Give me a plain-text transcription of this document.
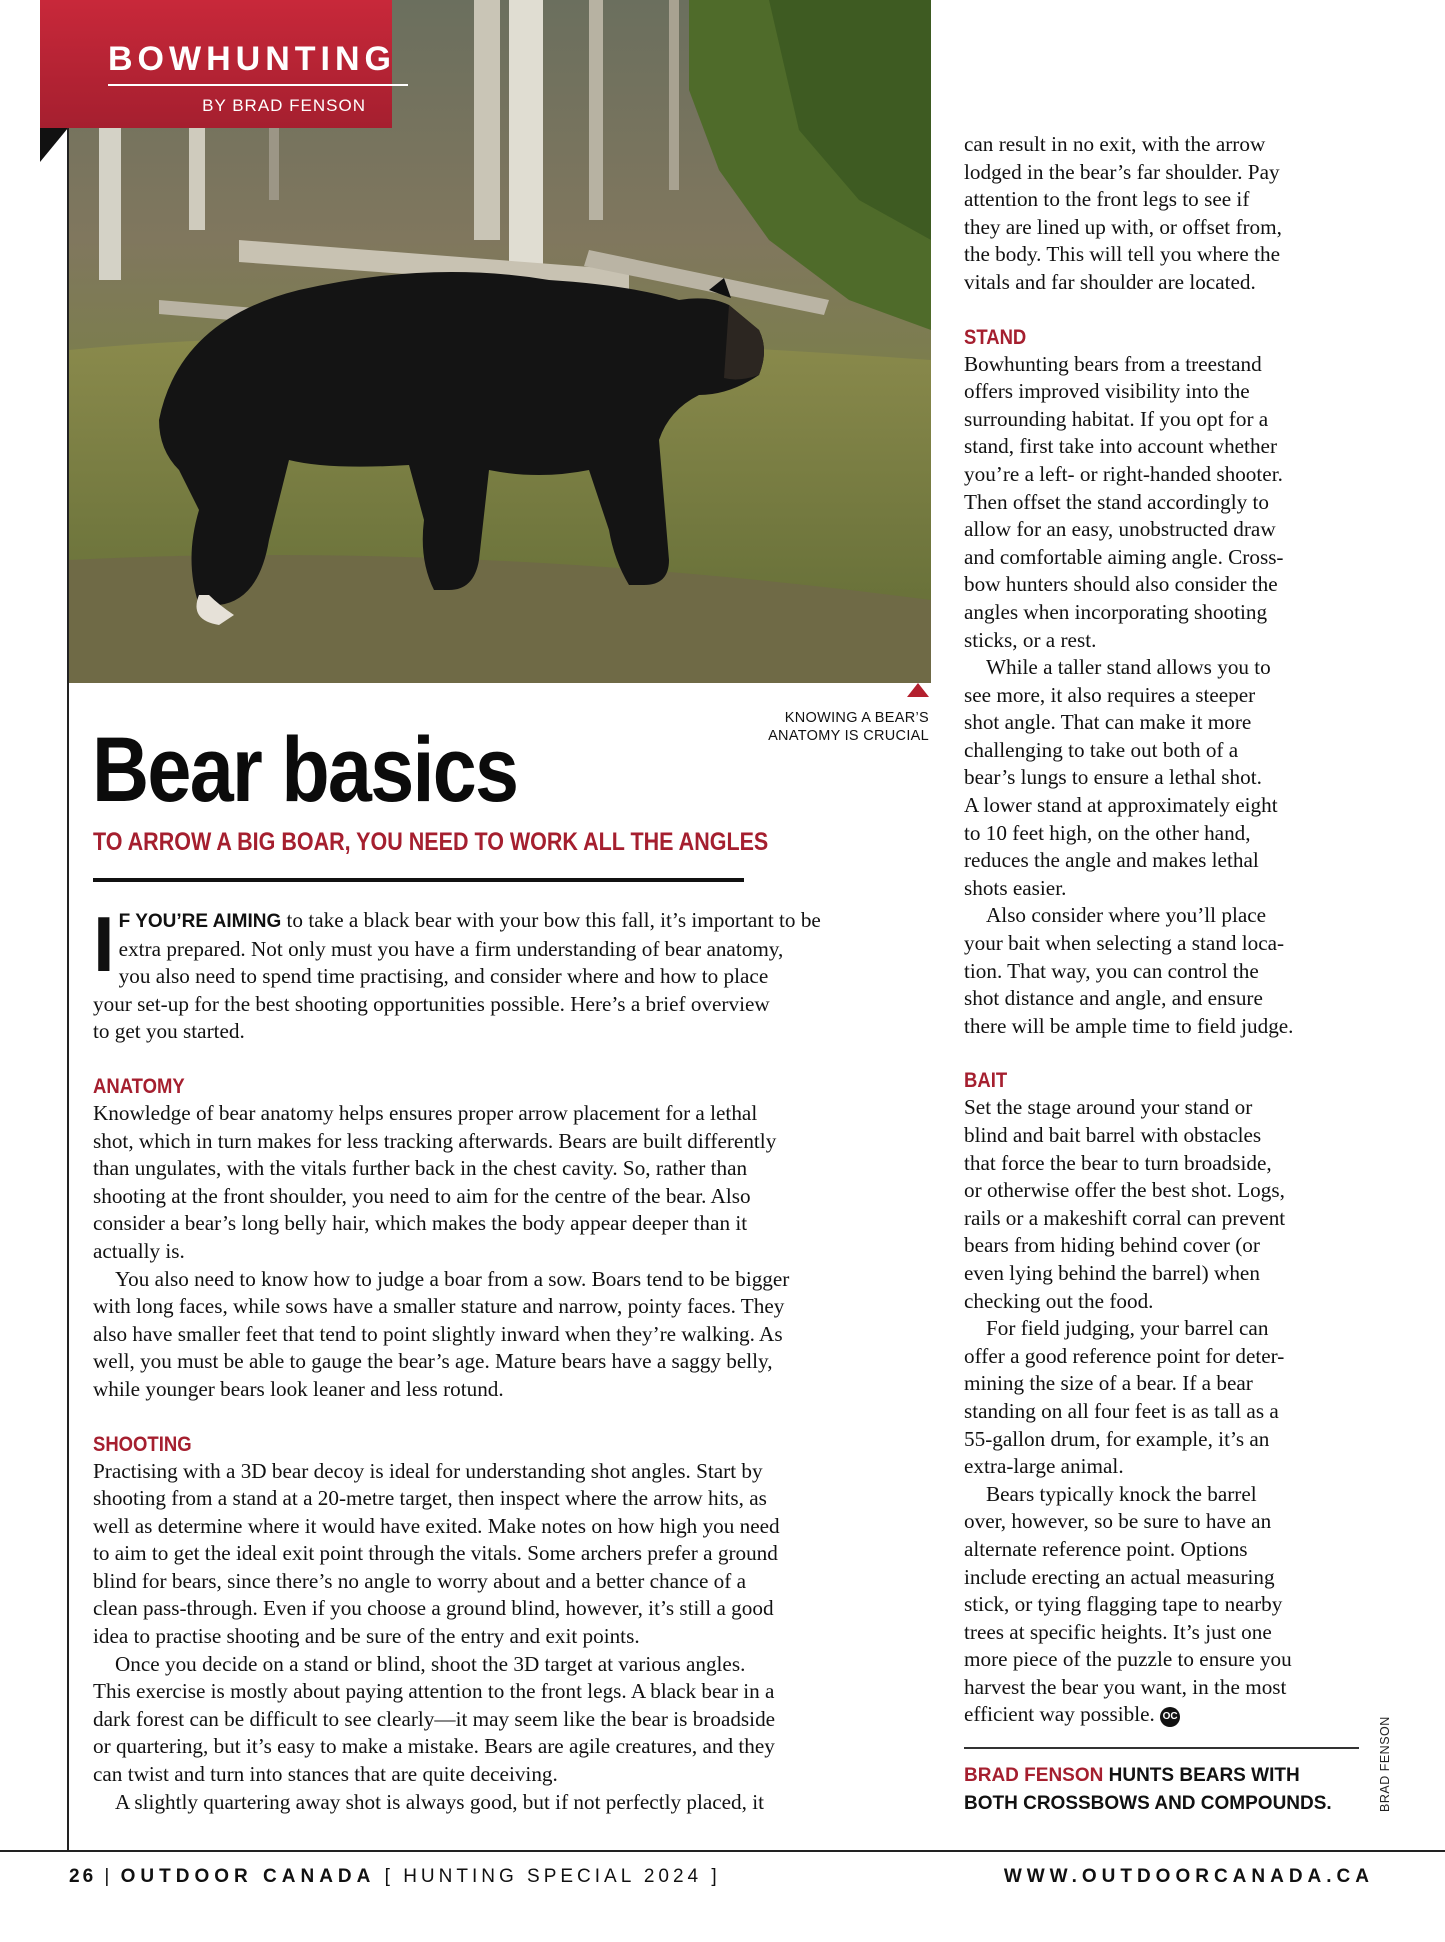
BOWHUNTING
BY BRAD FENSON
KNOWING A BEAR’S
ANATOMY IS CRUCIAL
Bear basics
TO ARROW A BIG BOAR, YOU NEED TO WORK ALL THE ANGLES
I F YOU’RE AIMING to take a black bear with your bow this fall, it’s important to be
extra prepared. Not only must you have a firm understanding of bear anatomy,
you also need to spend time practising, and consider where and how to place
your set-up for the best shooting opportunities possible. Here’s a brief overview
to get you started.
ANATOMY
Knowledge of bear anatomy helps ensures proper arrow placement for a lethal
shot, which in turn makes for less tracking afterwards. Bears are built differently
than ungulates, with the vitals further back in the chest cavity. So, rather than
shooting at the front shoulder, you need to aim for the centre of the bear. Also
consider a bear’s long belly hair, which makes the body appear deeper than it
actually is.
You also need to know how to judge a boar from a sow. Boars tend to be bigger
with long faces, while sows have a smaller stature and narrow, pointy faces. They
also have smaller feet that tend to point slightly inward when they’re walking. As
well, you must be able to gauge the bear’s age. Mature bears have a saggy belly,
while younger bears look leaner and less rotund.
SHOOTING
Practising with a 3D bear decoy is ideal for understanding shot angles. Start by
shooting from a stand at a 20-metre target, then inspect where the arrow hits, as
well as determine where it would have exited. Make notes on how high you need
to aim to get the ideal exit point through the vitals. Some archers prefer a ground
blind for bears, since there’s no angle to worry about and a better chance of a
clean pass-through. Even if you choose a ground blind, however, it’s still a good
idea to practise shooting and be sure of the entry and exit points.
Once you decide on a stand or blind, shoot the 3D target at various angles.
This exercise is mostly about paying attention to the front legs. A black bear in a
dark forest can be difficult to see clearly—it may seem like the bear is broadside
or quartering, but it’s easy to make a mistake. Bears are agile creatures, and they
can twist and turn into stances that are quite deceiving.
A slightly quartering away shot is always good, but if not perfectly placed, it
can result in no exit, with the arrow
lodged in the bear’s far shoulder. Pay
attention to the front legs to see if
they are lined up with, or offset from,
the body. This will tell you where the
vitals and far shoulder are located.
STAND
Bowhunting bears from a treestand
offers improved visibility into the
surrounding habitat. If you opt for a
stand, first take into account whether
you’re a left- or right-handed shooter.
Then offset the stand accordingly to
allow for an easy, unobstructed draw
and comfortable aiming angle. Cross-
bow hunters should also consider the
angles when incorporating shooting
sticks, or a rest.
While a taller stand allows you to
see more, it also requires a steeper
shot angle. That can make it more
challenging to take out both of a
bear’s lungs to ensure a lethal shot.
A lower stand at approximately eight
to 10 feet high, on the other hand,
reduces the angle and makes lethal
shots easier.
Also consider where you’ll place
your bait when selecting a stand loca-
tion. That way, you can control the
shot distance and angle, and ensure
there will be ample time to field judge.
BAIT
Set the stage around your stand or
blind and bait barrel with obstacles
that force the bear to turn broadside,
or otherwise offer the best shot. Logs,
rails or a makeshift corral can prevent
bears from hiding behind cover (or
even lying behind the barrel) when
checking out the food.
For field judging, your barrel can
offer a good reference point for deter-
mining the size of a bear. If a bear
standing on all four feet is as tall as a
55-gallon drum, for example, it’s an
extra-large animal.
Bears typically knock the barrel
over, however, so be sure to have an
alternate reference point. Options
include erecting an actual measuring
stick, or tying flagging tape to nearby
trees at specific heights. It’s just one
more piece of the puzzle to ensure you
harvest the bear you want, in the most
efficient way possible. OC
BRAD FENSON HUNTS BEARS WITH
BOTH CROSSBOWS AND COMPOUNDS.	BRAD FENSON
26 | OUTDOOR CANADA [ HUNTING SPECIAL 2024 ]	WWW.OUTDOORCANADA.CA
